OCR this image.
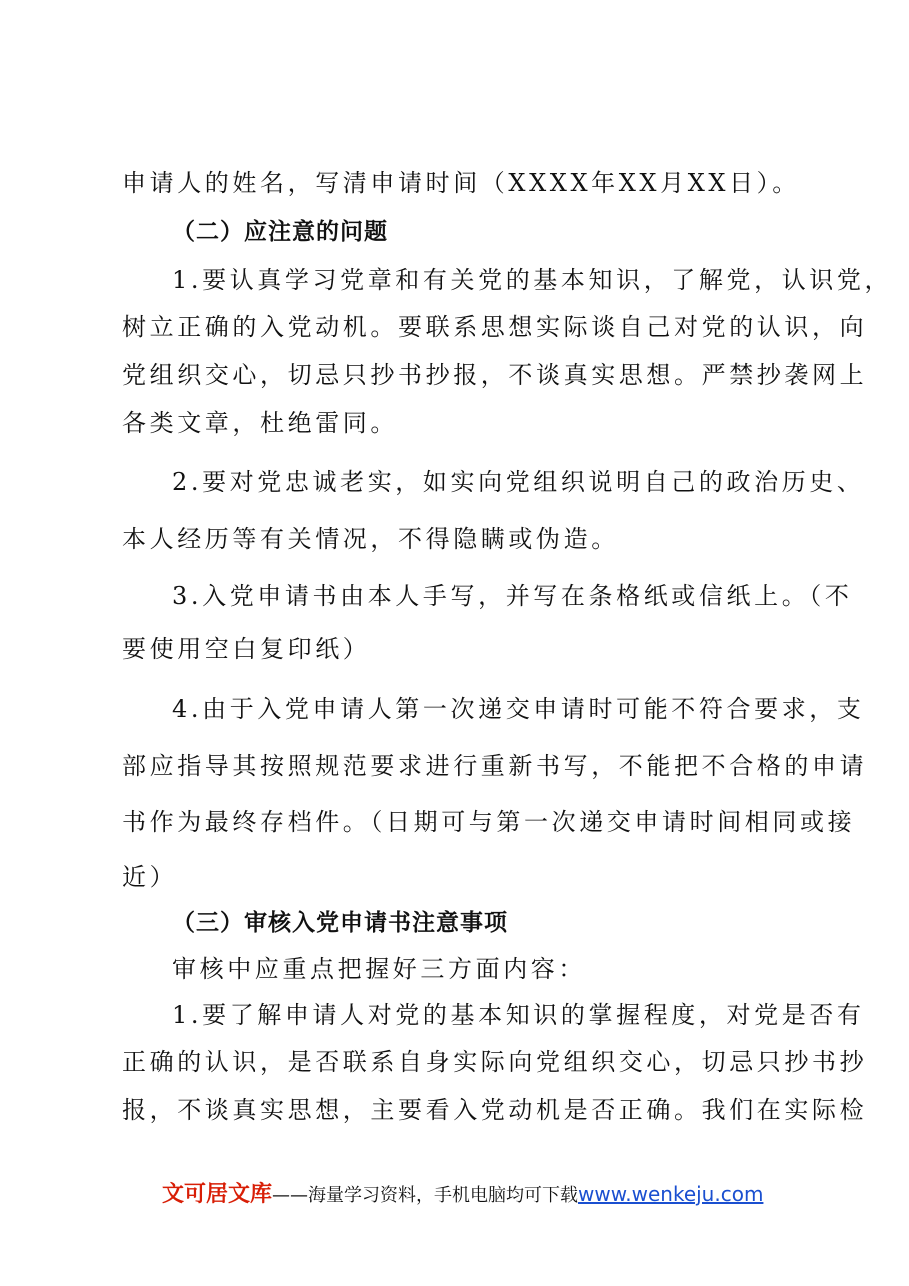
申请人的姓名，写清申请时间（XXXX年XX月XX日）。
（二）应注意的问题
1.要认真学习党章和有关党的基本知识，了解党，认识党，
树立正确的入党动机。要联系思想实际谈自己对党的认识，向
党组织交心，切忌只抄书抄报，不谈真实思想。严禁抄袭网上
各类文章，杜绝雷同。
2.要对党忠诚老实，如实向党组织说明自己的政治历史、
本人经历等有关情况，不得隐瞒或伪造。
3.入党申请书由本人手写，并写在条格纸或信纸上。（不
要使用空白复印纸）
4.由于入党申请人第一次递交申请时可能不符合要求，支
部应指导其按照规范要求进行重新书写，不能把不合格的申请
书作为最终存档件。（日期可与第一次递交申请时间相同或接
近）
（三）审核入党申请书注意事项
审核中应重点把握好三方面内容：
1.要了解申请人对党的基本知识的掌握程度，对党是否有
正确的认识，是否联系自身实际向党组织交心，切忌只抄书抄
报，不谈真实思想，主要看入党动机是否正确。我们在实际检
文可居文库——海量学习资料，手机电脑均可下载www.wenkeju.com
